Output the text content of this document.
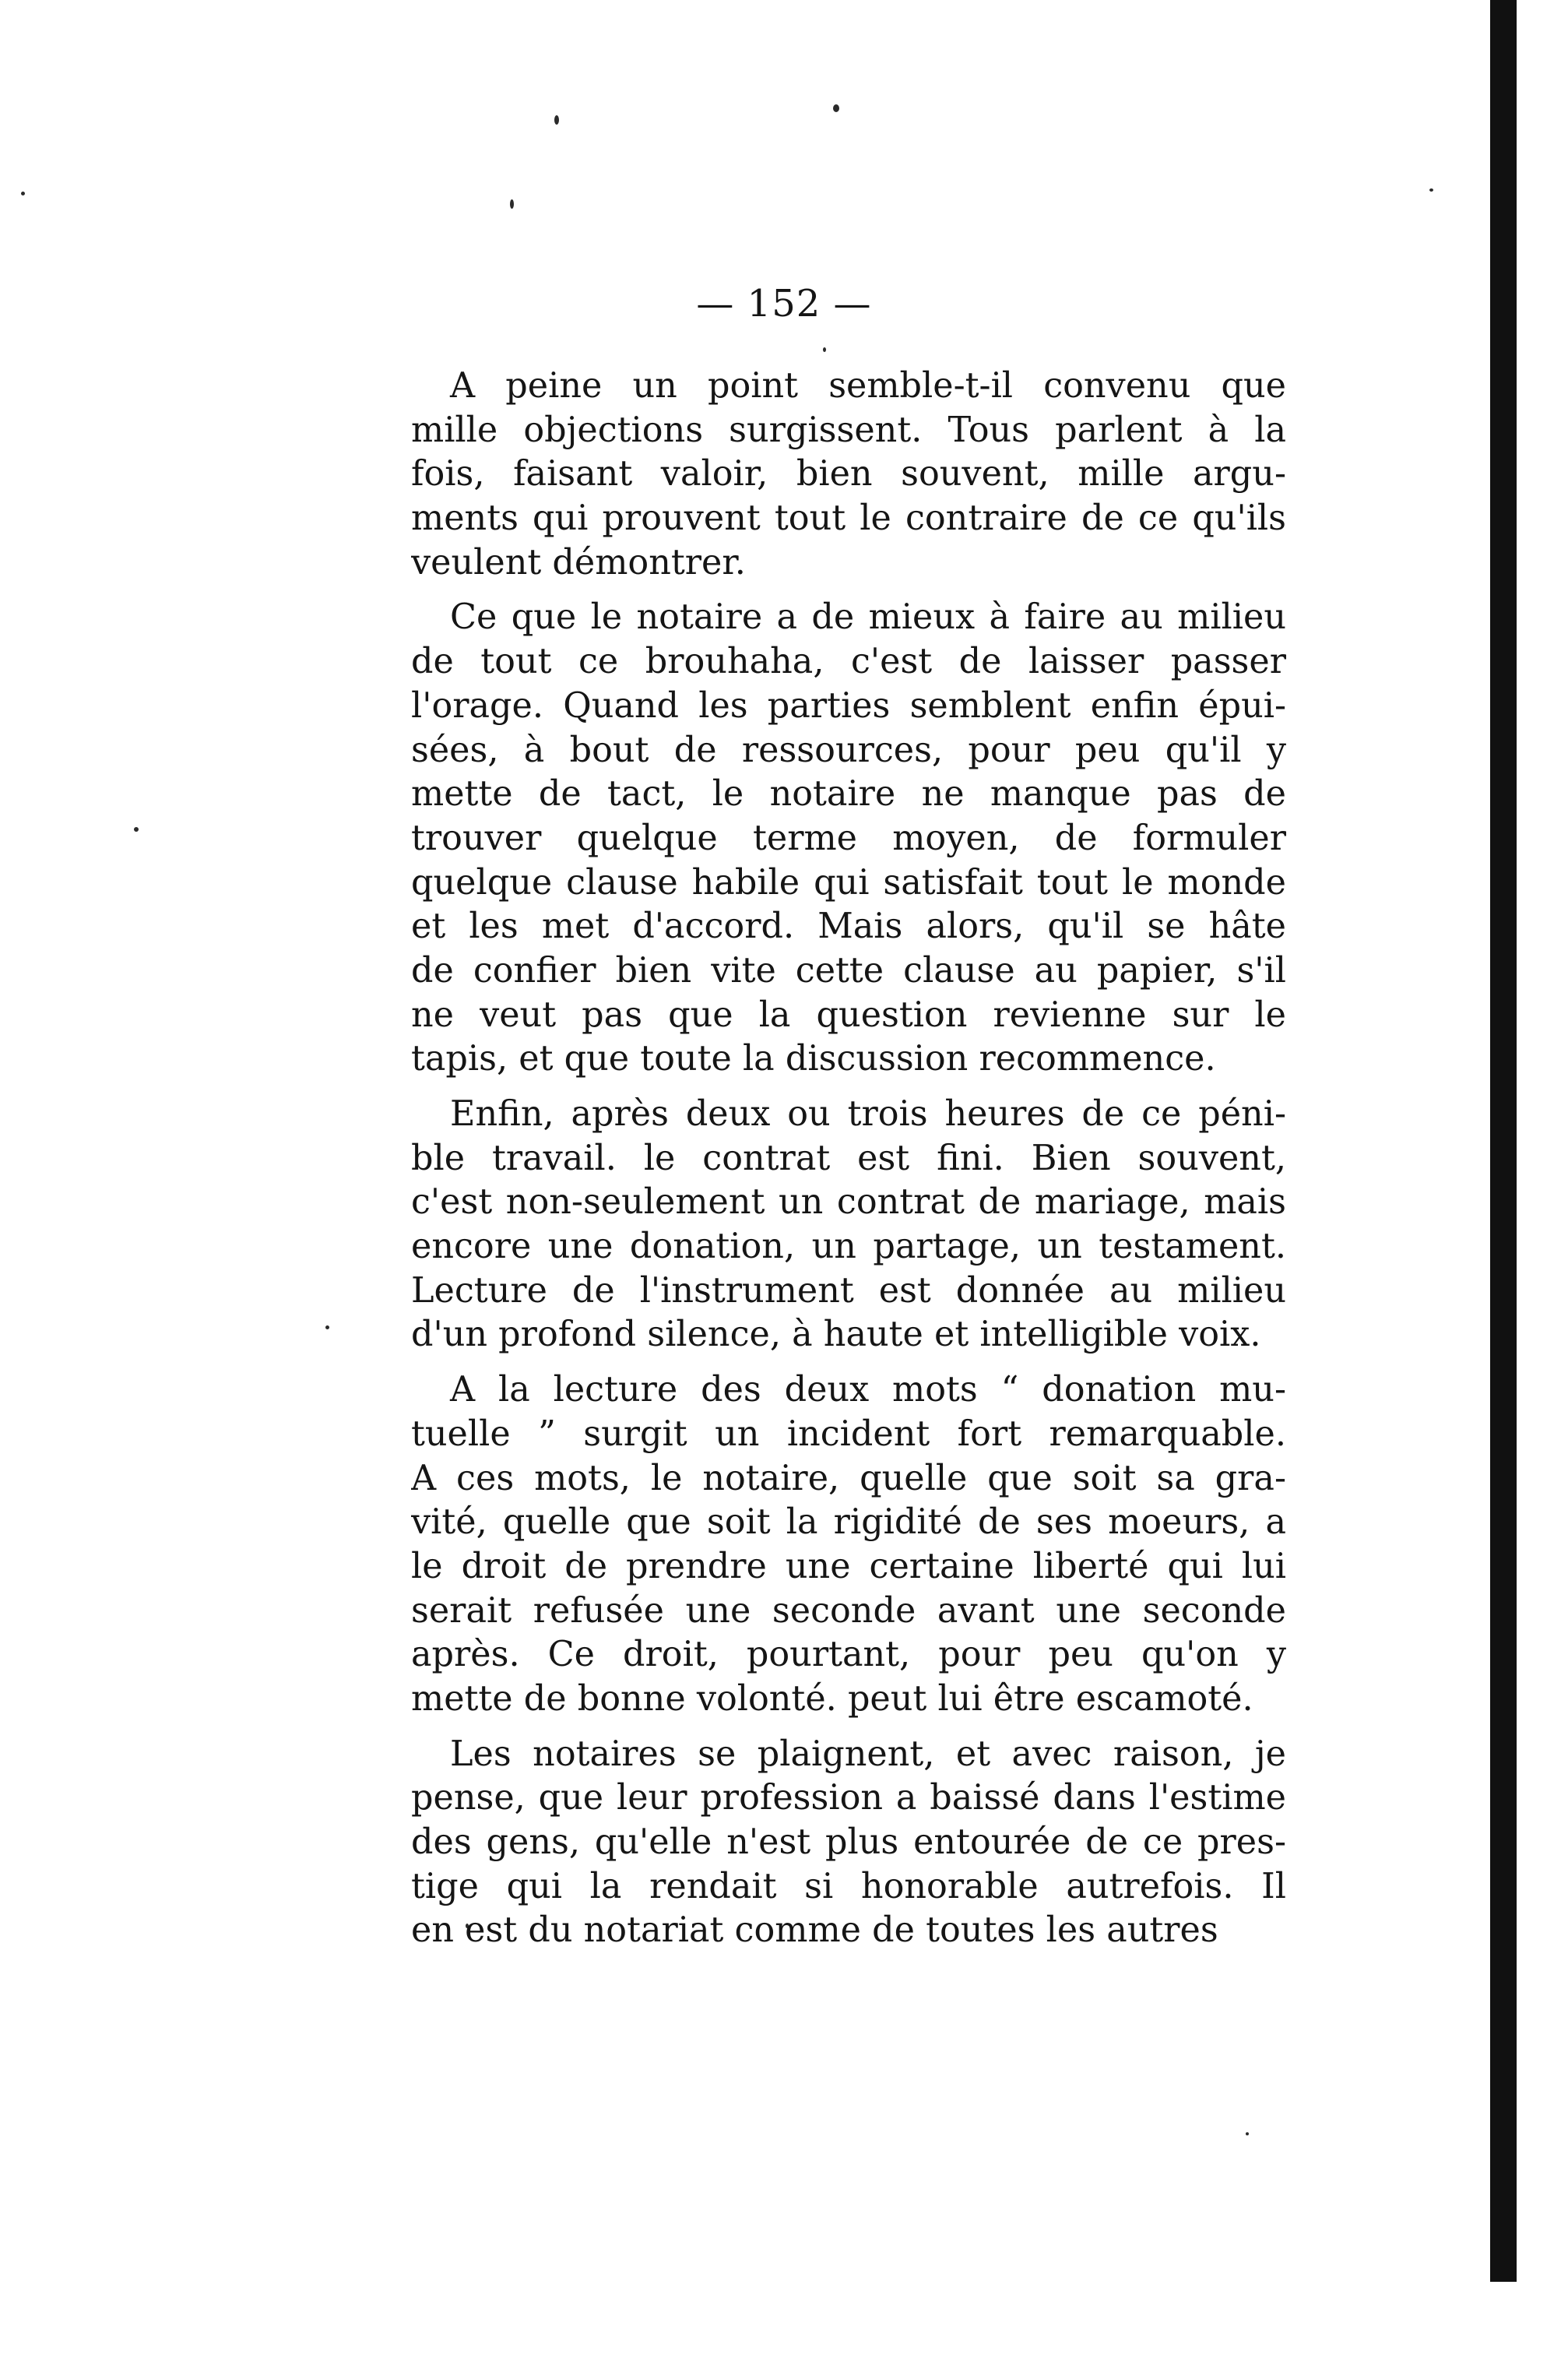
— 152 —
A peine un point semble-t-il convenu que
mille objections surgissent. Tous parlent à la
fois, faisant valoir, bien souvent, mille argu-
ments qui prouvent tout le contraire de ce qu'ils
veulent démontrer.
Ce que le notaire a de mieux à faire au milieu
de tout ce brouhaha, c'est de laisser passer
l'orage. Quand les parties semblent enfin épui-
sées, à bout de ressources, pour peu qu'il y
mette de tact, le notaire ne manque pas de
trouver quelque terme moyen, de formuler
quelque clause habile qui satisfait tout le monde
et les met d'accord. Mais alors, qu'il se hâte
de confier bien vite cette clause au papier, s'il
ne veut pas que la question revienne sur le
tapis, et que toute la discussion recommence.
Enfin, après deux ou trois heures de ce péni-
ble travail. le contrat est fini. Bien souvent,
c'est non-seulement un contrat de mariage, mais
encore une donation, un partage, un testament.
Lecture de l'instrument est donnée au milieu
d'un profond silence, à haute et intelligible voix.
A la lecture des deux mots “ donation mu-
tuelle ” surgit un incident fort remarquable.
A ces mots, le notaire, quelle que soit sa gra-
vité, quelle que soit la rigidité de ses moeurs, a
le droit de prendre une certaine liberté qui lui
serait refusée une seconde avant une seconde
après. Ce droit, pourtant, pour peu qu'on y
mette de bonne volonté. peut lui être escamoté.
Les notaires se plaignent, et avec raison, je
pense, que leur profession a baissé dans l'estime
des gens, qu'elle n'est plus entourée de ce pres-
tige qui la rendait si honorable autrefois. Il
en est du notariat comme de toutes les autres
